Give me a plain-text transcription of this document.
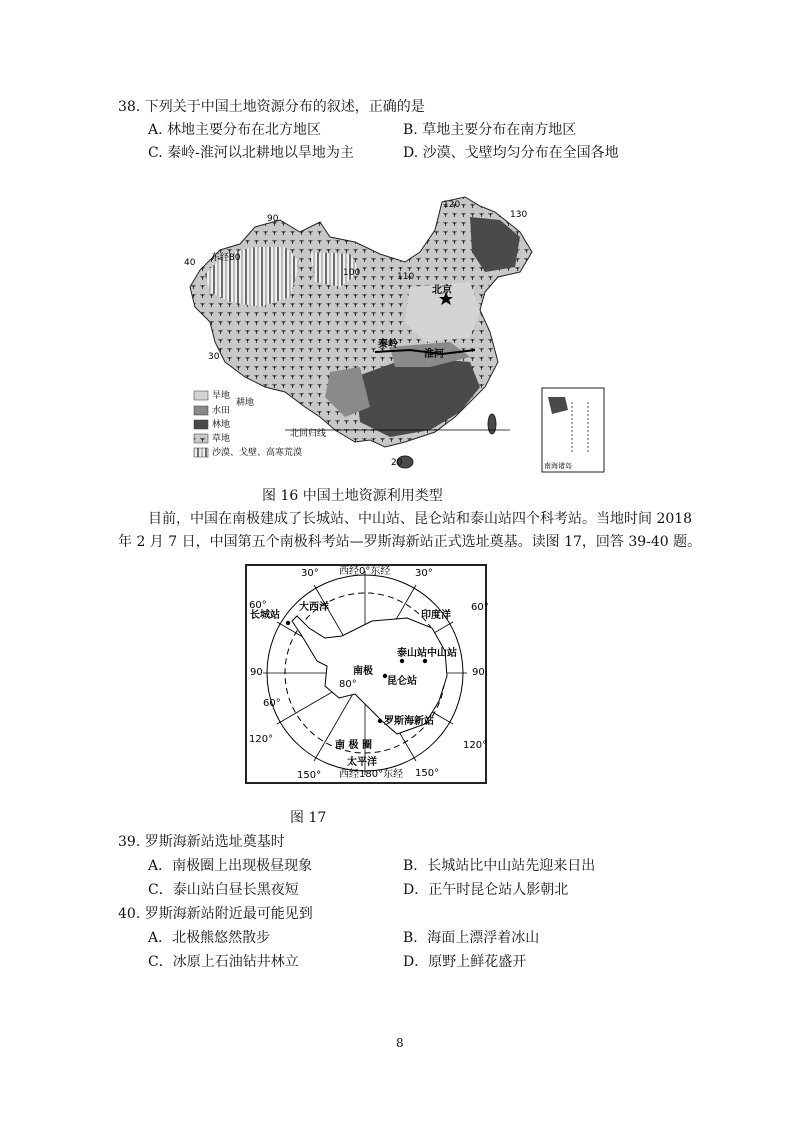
38. 下列关于中国土地资源分布的叙述，正确的是
A. 林地主要分布在北方地区	B. 草地主要分布在南方地区
C. 秦岭-淮河以北耕地以旱地为主	D. 沙漠、戈壁均匀分布在全国各地
90
东经80
100	110
120
130
40
30
20
北京
秦岭
淮河
北回归线
南海诸岛
旱地
水田
耕地
林地
草地
沙漠、戈壁、高寒荒漠
图 16 中国土地资源利用类型
目前，中国在南极建成了长城站、中山站、昆仑站和泰山站四个科考站。当地时间 2018
年 2 月 7 日，中国第五个南极科考站—罗斯海新站正式选址奠基。读图 17，回答 39-40 题。
西经0°东经
西经180°东经
30°	30°
60°	60°
90	90
60°
120°
120°
150°	150°
80°
大西洋
印度洋
太平洋
南极
南 极 圈
长城站
泰山站 中山站
昆仑站
罗斯海新站
图 17
39. 罗斯海新站选址奠基时
A．南极圈上出现极昼现象	B．长城站比中山站先迎来日出
C．泰山站白昼长黑夜短	D．正午时昆仑站人影朝北
40. 罗斯海新站附近最可能见到
A．北极熊悠然散步	B．海面上漂浮着冰山
C．冰原上石油钻井林立	D．原野上鲜花盛开
8
